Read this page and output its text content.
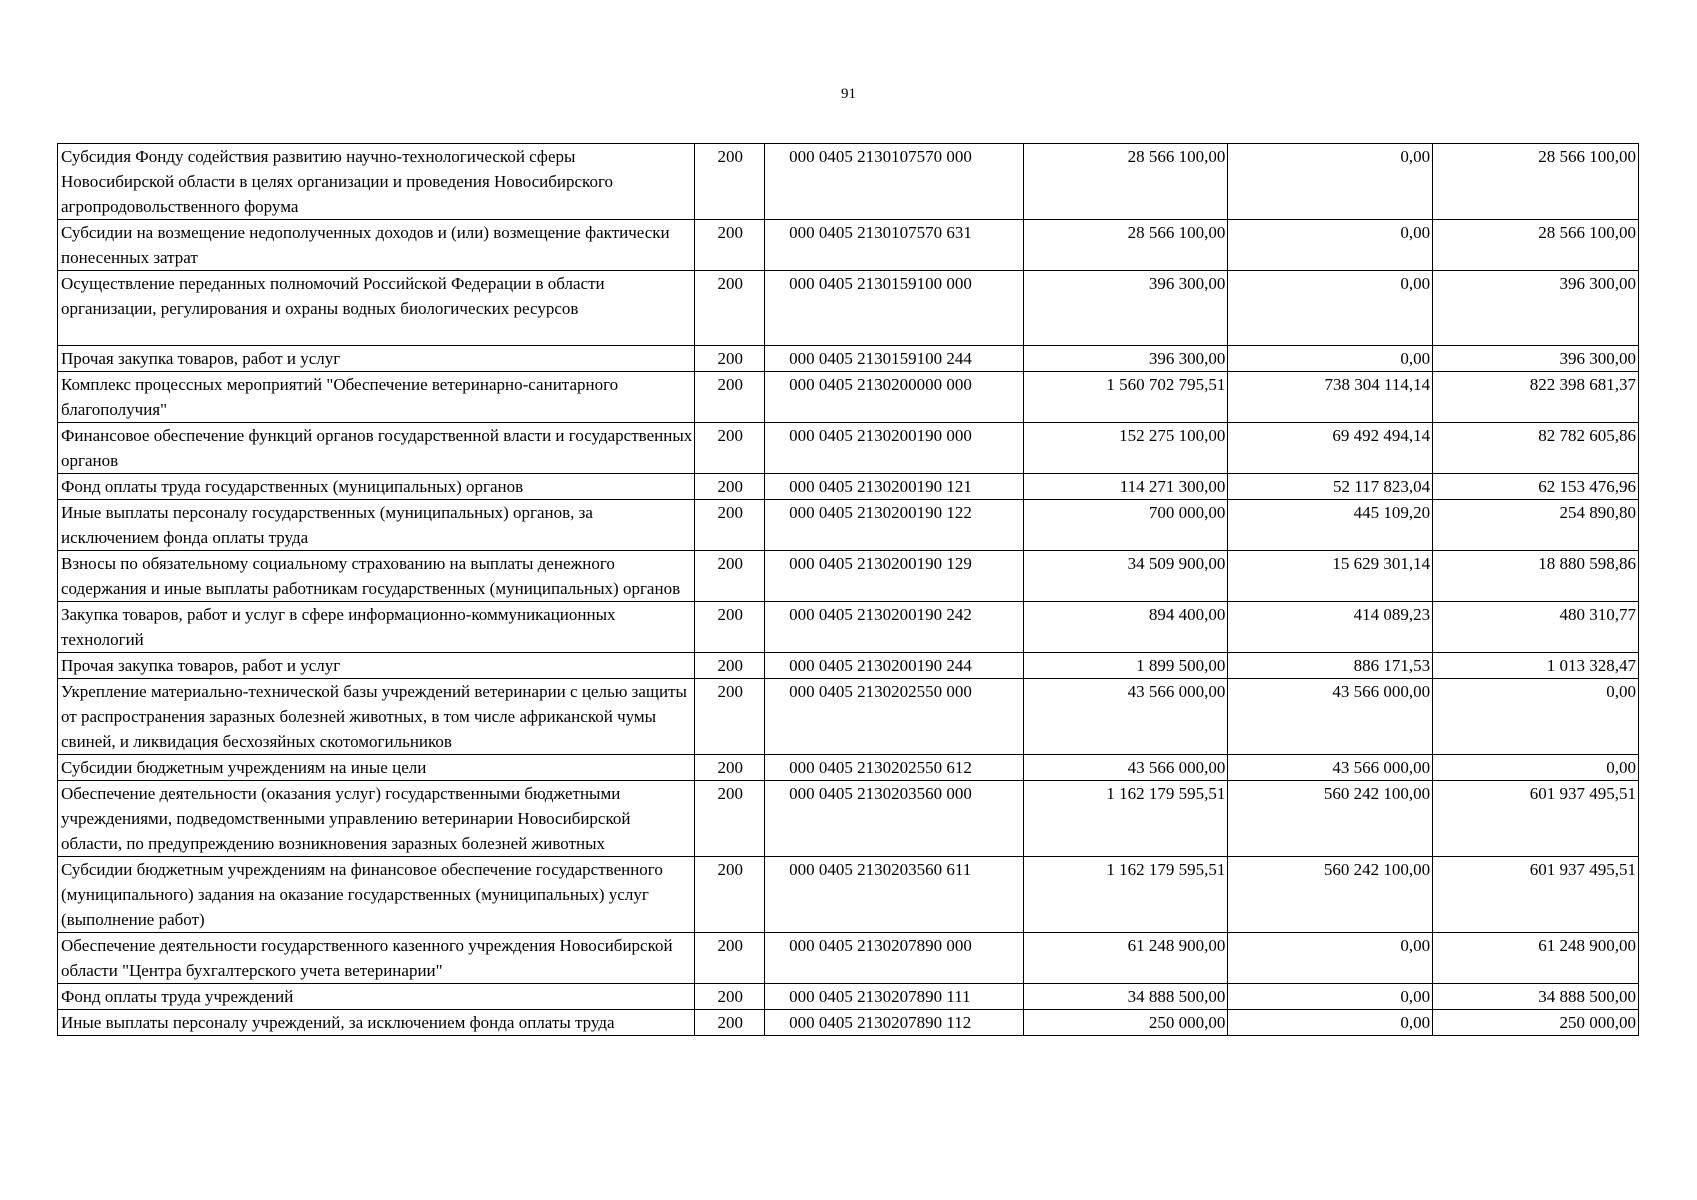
91
Субсидия Фонду содействия развитию научно-технологической сферы Новосибирской области в целях организации и проведения Новосибирского агропродовольственного форума	200	000 0405 2130107570 000	28 566 100,00	0,00	28 566 100,00
Субсидии на возмещение недополученных доходов и (или) возмещение фактически понесенных затрат	200	000 0405 2130107570 631	28 566 100,00	0,00	28 566 100,00
Осуществление переданных полномочий Российской Федерации в области организации, регулирования и охраны водных биологических ресурсов	200	000 0405 2130159100 000	396 300,00	0,00	396 300,00
Прочая закупка товаров, работ и услуг	200	000 0405 2130159100 244	396 300,00	0,00	396 300,00
Комплекс процессных мероприятий "Обеспечение ветеринарно-санитарного благополучия"	200	000 0405 2130200000 000	1 560 702 795,51	738 304 114,14	822 398 681,37
Финансовое обеспечение функций органов государственной власти и государственных органов	200	000 0405 2130200190 000	152 275 100,00	69 492 494,14	82 782 605,86
Фонд оплаты труда государственных (муниципальных) органов	200	000 0405 2130200190 121	114 271 300,00	52 117 823,04	62 153 476,96
Иные выплаты персоналу государственных (муниципальных) органов, за исключением фонда оплаты труда	200	000 0405 2130200190 122	700 000,00	445 109,20	254 890,80
Взносы по обязательному социальному страхованию на выплаты денежного содержания и иные выплаты работникам государственных (муниципальных) органов	200	000 0405 2130200190 129	34 509 900,00	15 629 301,14	18 880 598,86
Закупка товаров, работ и услуг в сфере информационно-коммуникационных технологий	200	000 0405 2130200190 242	894 400,00	414 089,23	480 310,77
Прочая закупка товаров, работ и услуг	200	000 0405 2130200190 244	1 899 500,00	886 171,53	1 013 328,47
Укрепление материально-технической базы учреждений ветеринарии с целью защиты от распространения заразных болезней животных, в том числе африканской чумы свиней, и ликвидация бесхозяйных скотомогильников	200	000 0405 2130202550 000	43 566 000,00	43 566 000,00	0,00
Субсидии бюджетным учреждениям на иные цели	200	000 0405 2130202550 612	43 566 000,00	43 566 000,00	0,00
Обеспечение деятельности (оказания услуг) государственными бюджетными учреждениями, подведомственными управлению ветеринарии Новосибирской области, по предупреждению возникновения заразных болезней животных	200	000 0405 2130203560 000	1 162 179 595,51	560 242 100,00	601 937 495,51
Субсидии бюджетным учреждениям на финансовое обеспечение государственного (муниципального) задания на оказание государственных (муниципальных) услуг (выполнение работ)	200	000 0405 2130203560 611	1 162 179 595,51	560 242 100,00	601 937 495,51
Обеспечение деятельности государственного казенного учреждения Новосибирской области "Центра бухгалтерского учета ветеринарии"	200	000 0405 2130207890 000	61 248 900,00	0,00	61 248 900,00
Фонд оплаты труда учреждений	200	000 0405 2130207890 111	34 888 500,00	0,00	34 888 500,00
Иные выплаты персоналу учреждений, за исключением фонда оплаты труда	200	000 0405 2130207890 112	250 000,00	0,00	250 000,00
